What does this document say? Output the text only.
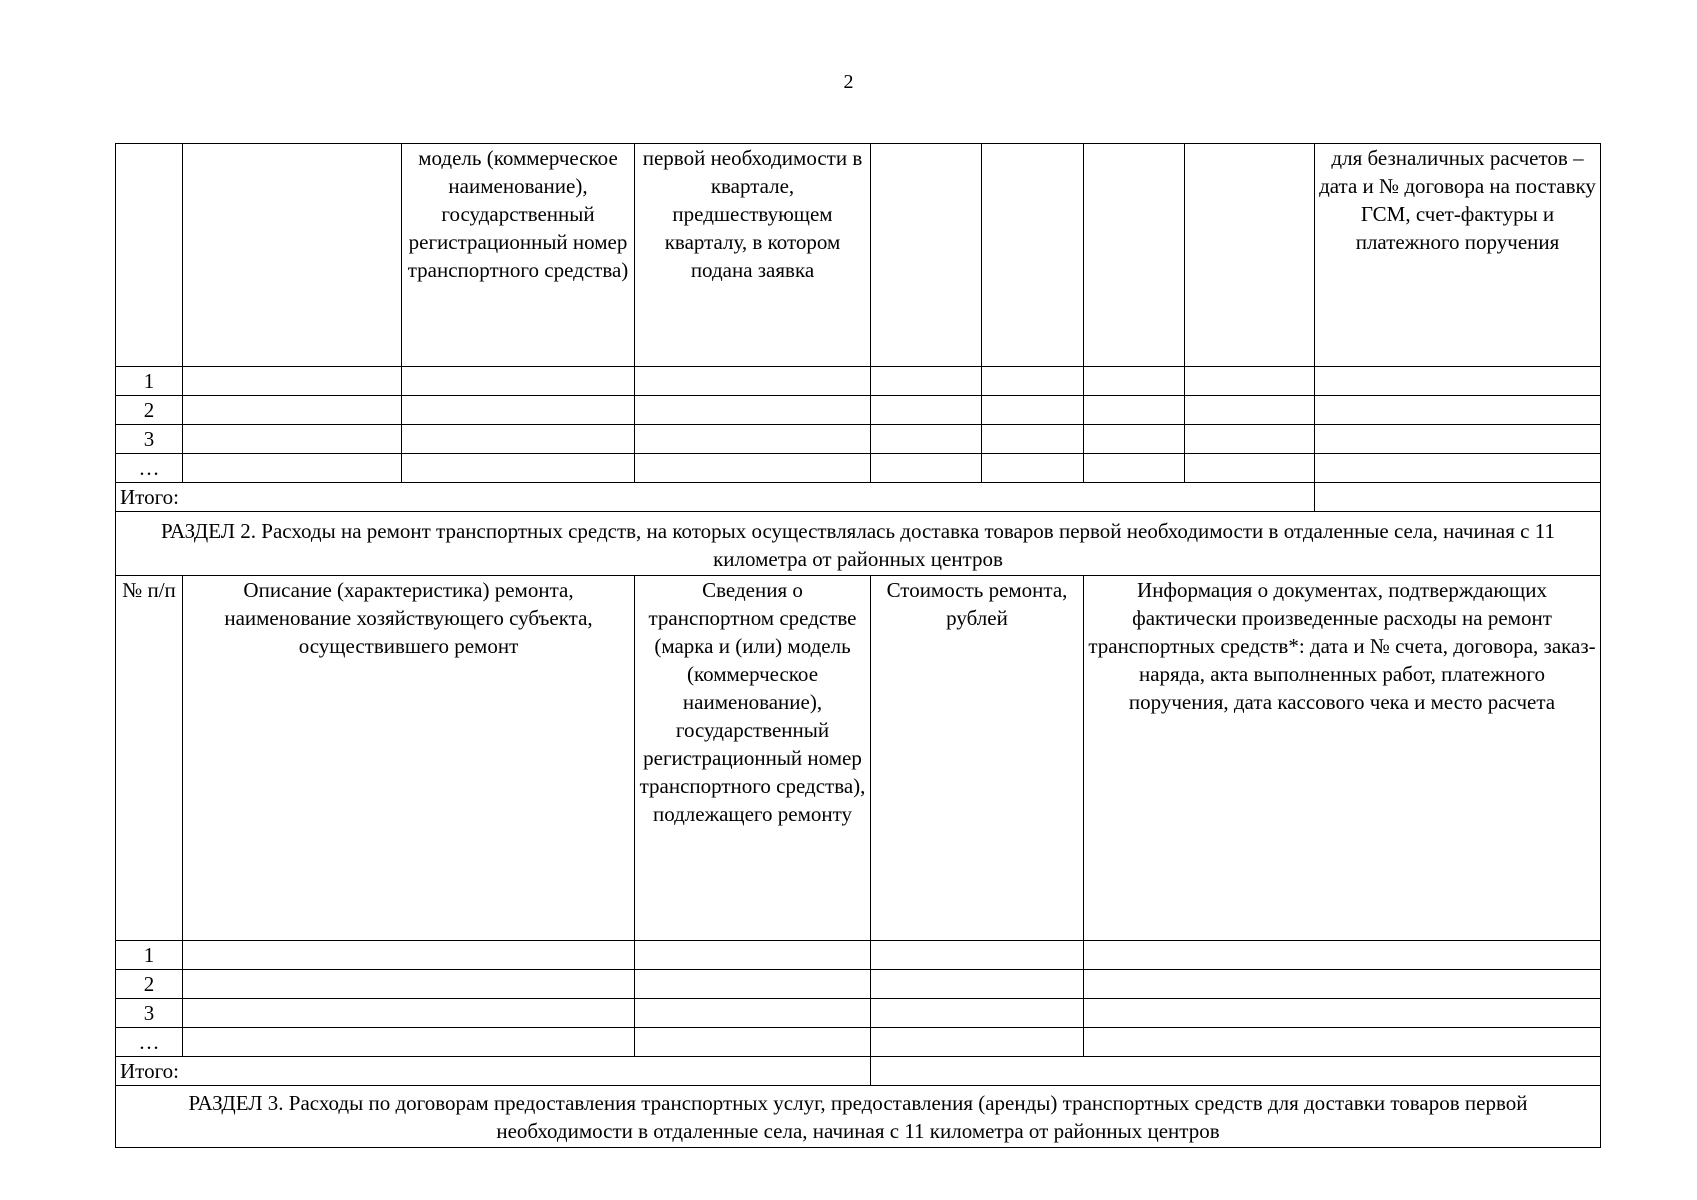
2
		модель (коммерческое наименование), государственный регистрационный номер транспортного средства)	первой необходимости в квартале, предшествующем кварталу, в котором подана заявка					для безналичных расчетов – дата и № договора на поставку ГСМ, счет-фактуры и платежного поручения
1								
2								
3								
…								
Итого:								
РАЗДЕЛ 2. Расходы на ремонт транспортных средств, на которых осуществлялась доставка товаров первой необходимости в отдаленные села, начиная с 11 километра от районных центров								
№ п/п	Описание (характеристика) ремонта, наименование хозяйствующего субъекта, осуществившего ремонт		Сведения о транспортном средстве (марка и (или) модель (коммерческое наименование), государственный регистрационный номер транспортного средства), подлежащего ремонту	Стоимость ремонта, рублей		Информация о документах, подтверждающих фактически произведенные расходы на ремонт транспортных средств*: дата и № счета, договора, заказ-наряда, акта выполненных работ, платежного поручения, дата кассового чека и место расчета		
1								
2								
3								
…								
Итого:								
РАЗДЕЛ 3. Расходы по договорам предоставления транспортных услуг, предоставления (аренды) транспортных средств для доставки товаров первой необходимости в отдаленные села, начиная с 11 километра от районных центров								
